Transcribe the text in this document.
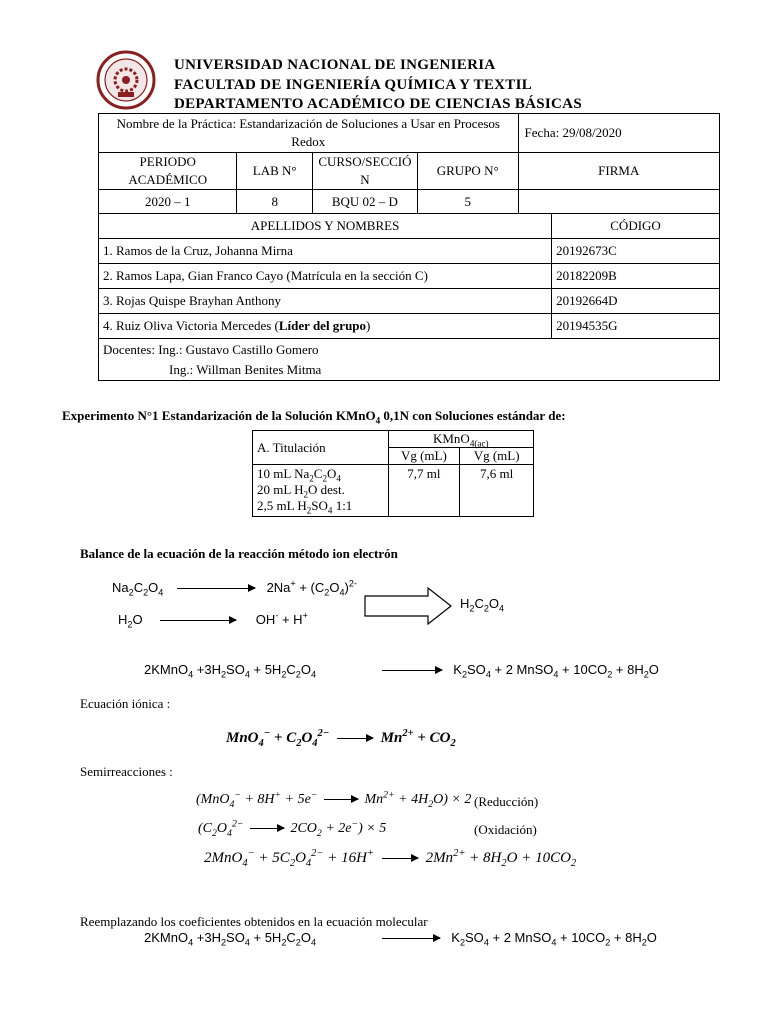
UNIVERSIDAD NACIONAL DE INGENIERIA
FACULTAD DE INGENIERÍA QUÍMICA Y TEXTIL
DEPARTAMENTO ACADÉMICO DE CIENCIAS BÁSICAS
Nombre de la Práctica: Estandarización de Soluciones a Usar en Procesos Redox				Fecha: 29/08/2020	
PERIODO ACADÉMICO	LAB N°	CURSO/SECCIÓN	GRUPO N°	FIRMA	
2020 – 1	8	BQU 02 – D	5		
APELLIDOS Y NOMBRES					CÓDIGO
1. Ramos de la Cruz, Johanna Mirna					20192673C
2. Ramos Lapa, Gian Franco Cayo (Matrícula en la sección C)					20182209B
3. Rojas Quispe Brayhan Anthony					20192664D
4. Ruiz Oliva Victoria Mercedes (Líder del grupo)					20194535G

Docentes: Ing.: Gustavo Castillo Gomero
Ing.: Willman Benites Mitma					
Experimento N°1 Estandarización de la Solución KMnO$_4$ 0,1N con Soluciones estándar de:
A. Titulación	KMnO$_{4(ac)}$
	Vg (mL)	Vg (mL)
10 mL $Na_2C_2O_4$
20 mL $H_2O$ dest.
2,5 mL $H_2SO_4$ 1:1	7,7 ml	7,6 ml
Balance de la ecuación de la reacción método ion electrón
$Na_2C_2O_4$	$2Na^+ + (C_2O_4)^{2-}$
$H_2O$	OH- + H+
$H_2C_2O_4$
2KMnO$_4$ $+3H_2SO_4 + 5H_2C_2O_4$	$K_2SO_4 + 2$ MnSO$_4$ + $10CO_2 + 8H_2O$
Ecuación iónica :
$MnO_4^- + C_2O_4^{2-}$	$Mn^{2+} + CO_2$
Semirreacciones :
(MnO$_4$− + 8H+ + 5e−	$Mn^{2+} + 4H_2O) \times 2$ (Reducción)
($C_2O_4^{2-}$	$2CO_2 + 2e^-) \times 5$	(Oxidación)
$2MnO_4^- + 5C_2O_4^{2-} + 16H^+$	$2Mn^{2+} + 8H_2O + 10CO_2$
Reemplazando los coeficientes obtenidos en la ecuación molecular
2KMnO$_4$ $+3H_2SO_4 + 5H_2C_2O_4$	$K_2SO_4 + 2$ MnSO$_4$ + $10CO_2 + 8H_2O$
